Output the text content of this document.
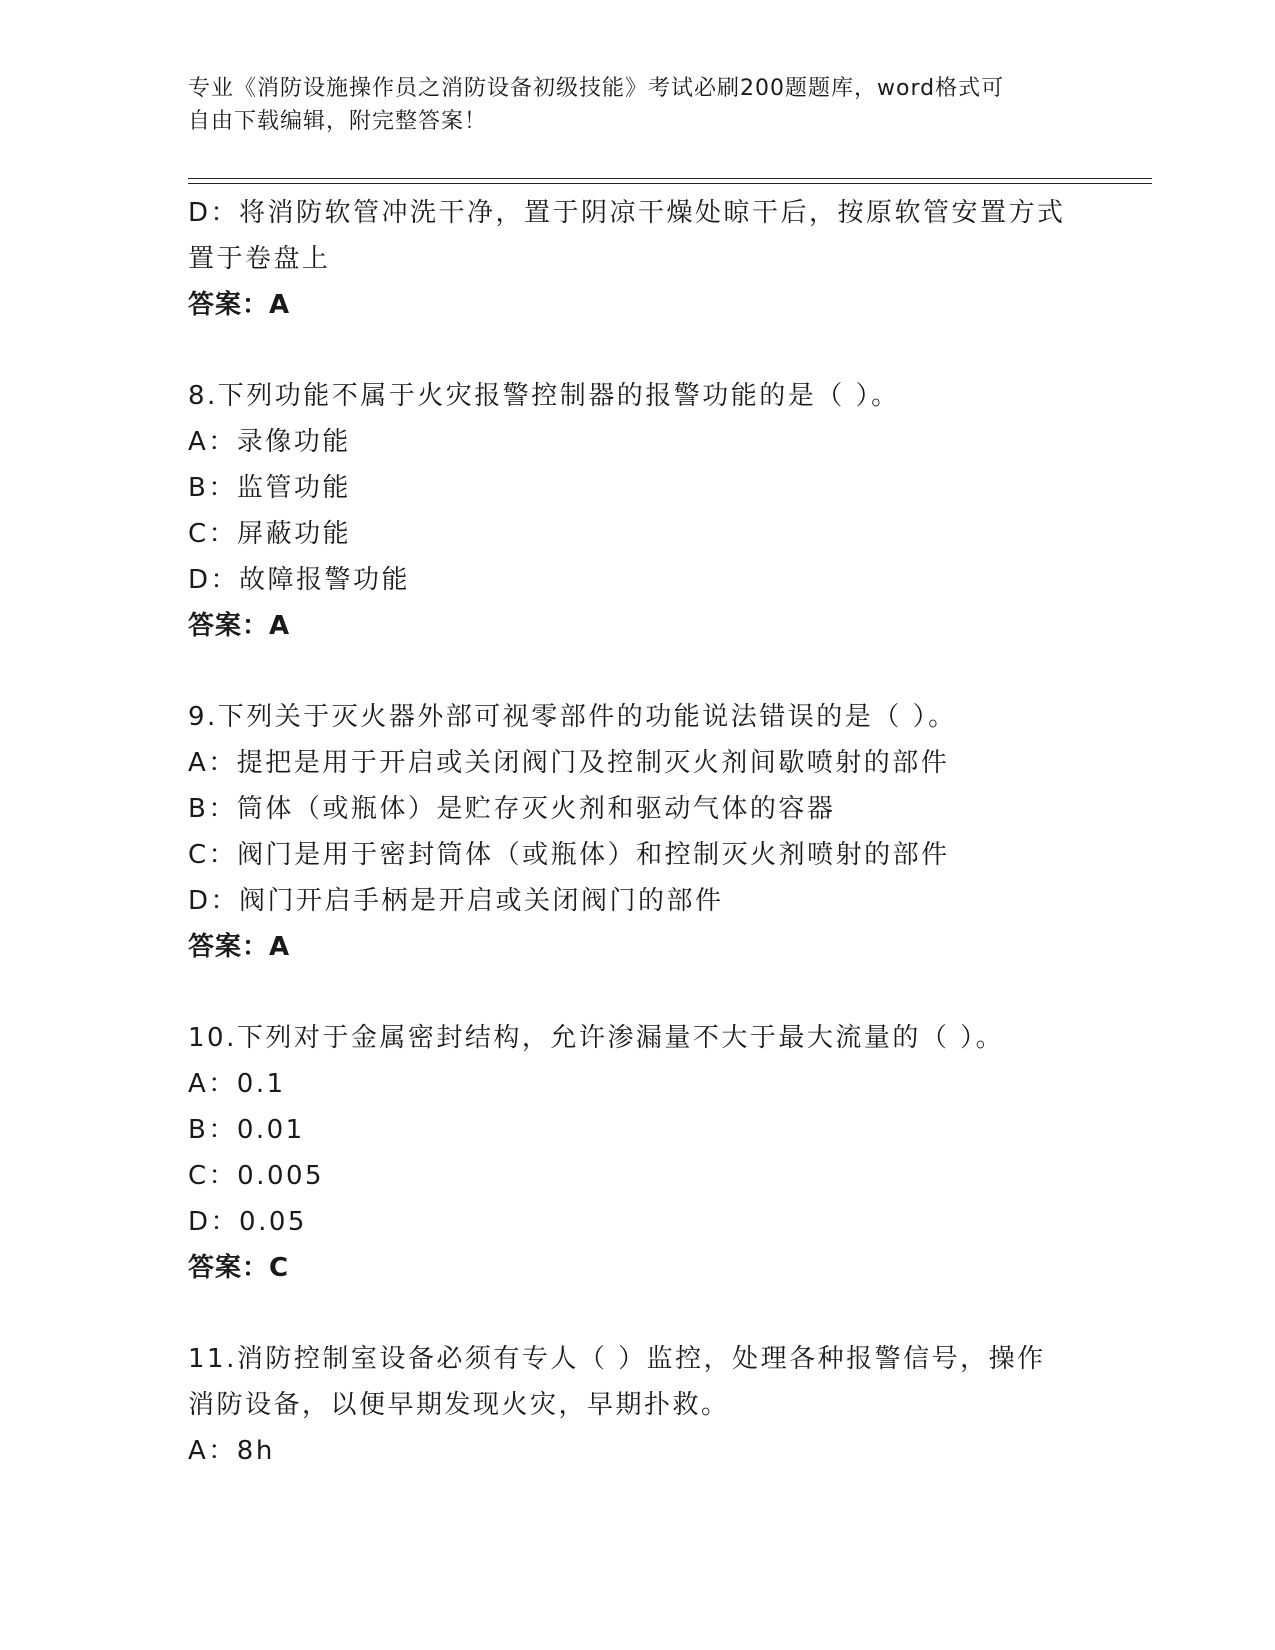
专业《消防设施操作员之消防设备初级技能》考试必刷200题题库，word格式可
自由下载编辑，附完整答案！
D：将消防软管冲洗干净，置于阴凉干燥处晾干后，按原软管安置方式
置于卷盘上
答案：A
8.下列功能不属于火灾报警控制器的报警功能的是（ ）。
A：录像功能
B：监管功能
C：屏蔽功能
D：故障报警功能
答案：A
9.下列关于灭火器外部可视零部件的功能说法错误的是（ ）。
A：提把是用于开启或关闭阀门及控制灭火剂间歇喷射的部件
B：筒体（或瓶体）是贮存灭火剂和驱动气体的容器
C：阀门是用于密封筒体（或瓶体）和控制灭火剂喷射的部件
D：阀门开启手柄是开启或关闭阀门的部件
答案：A
10.下列对于金属密封结构，允许渗漏量不大于最大流量的（ ）。
A：0.1
B：0.01
C：0.005
D：0.05
答案：C
11.消防控制室设备必须有专人（ ）监控，处理各种报警信号，操作
消防设备，以便早期发现火灾，早期扑救。
A：8h
